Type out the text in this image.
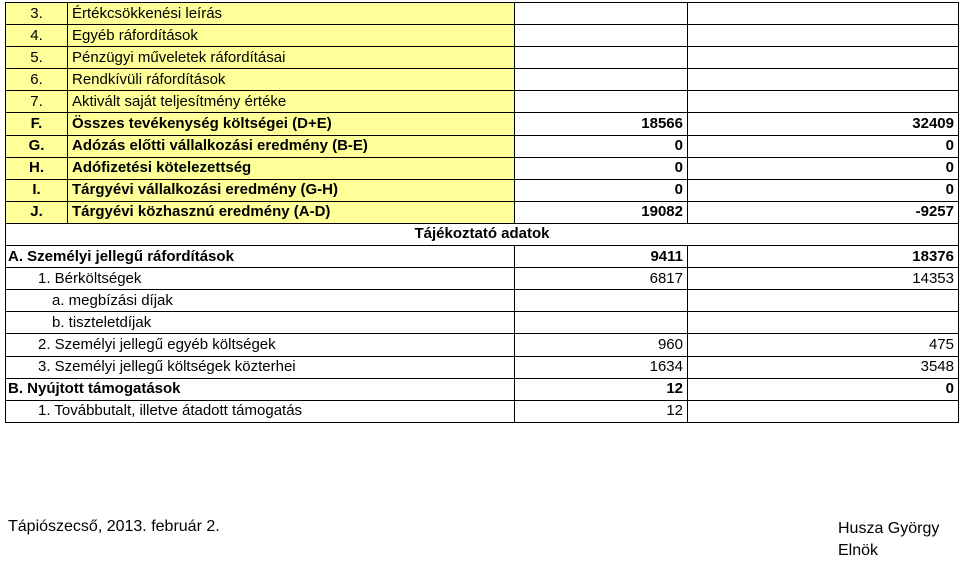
3.	Értékcsökkenési leírás		
4.	Egyéb ráfordítások		
5.	Pénzügyi műveletek ráfordításai		
6.	Rendkívüli ráfordítások		
7.	Aktivált saját teljesítmény értéke		
F.	Összes tevékenység költségei (D+E)	18566	32409
G.	Adózás előtti vállalkozási eredmény (B-E)	0	0
H.	Adófizetési kötelezettség	0	0
I.	Tárgyévi vállalkozási eredmény (G-H)	0	0
J.	Tárgyévi közhasznú eredmény (A-D)	19082	-9257
Tájékoztató adatok			
A. Személyi jellegű ráfordítások		9411	18376
1. Bérköltségek		6817	14353
a. megbízási díjak			
b. tiszteletdíjak			
2. Személyi jellegű egyéb költségek		960	475
3. Személyi jellegű költségek közterhei		1634	3548
B. Nyújtott támogatások		12	0
1. Továbbutalt, illetve átadott támogatás		12	
Tápiószecső, 2013. február 2.	Husza György
Elnök
